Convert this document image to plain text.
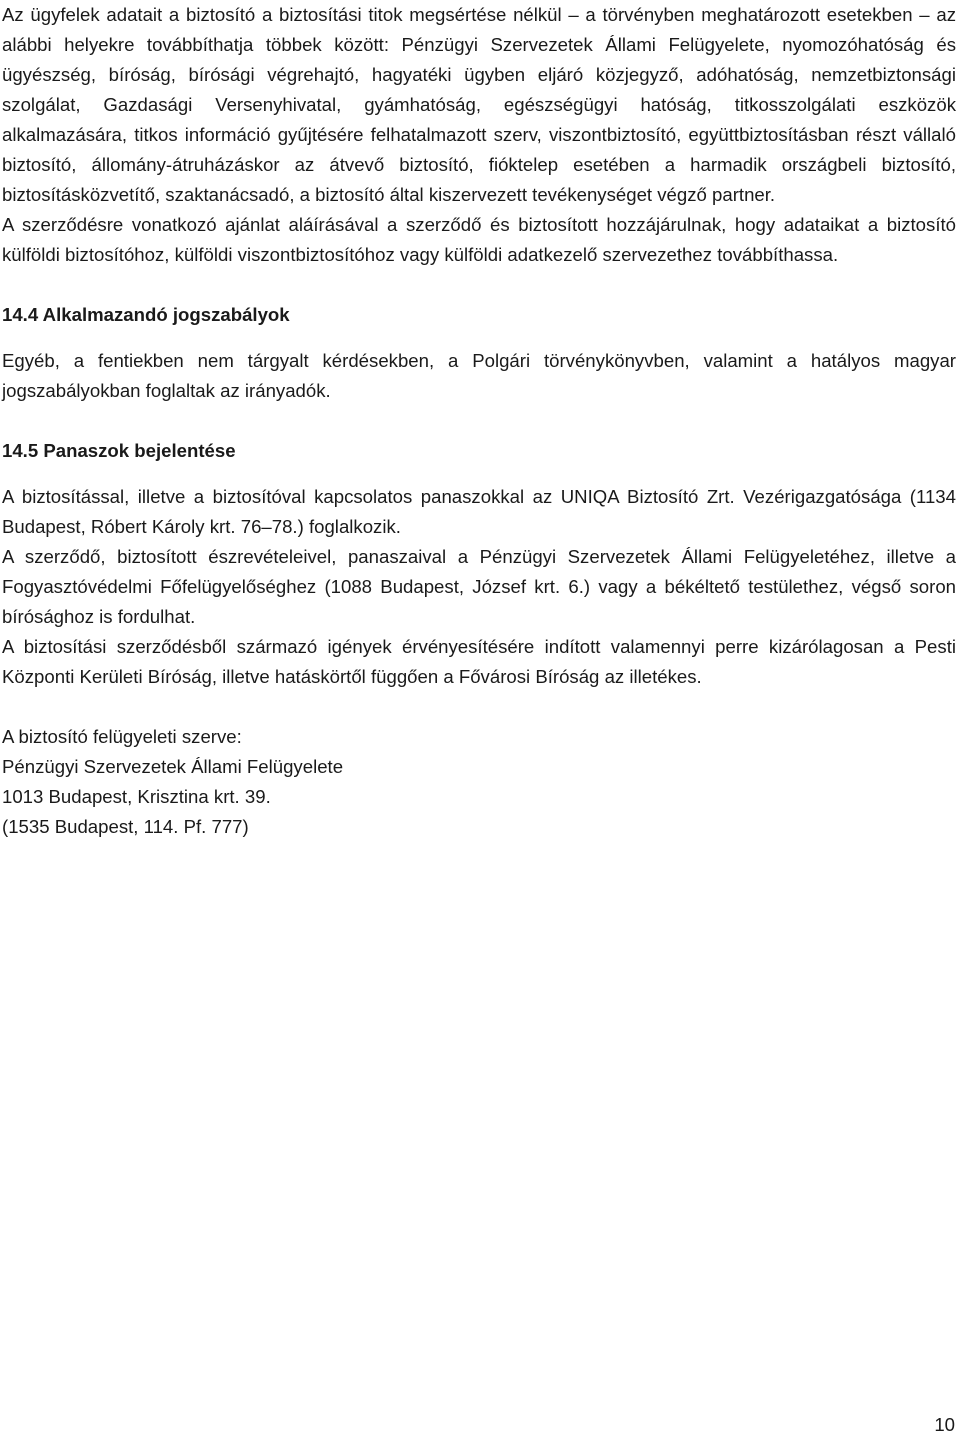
Az ügyfelek adatait a biztosító a biztosítási titok megsértése nélkül – a törvényben meghatározott esetekben – az alábbi helyekre továbbíthatja többek között: Pénzügyi Szervezetek Állami Felügyelete, nyomozóhatóság és ügyészség, bíróság, bírósági végrehajtó, hagyatéki ügyben eljáró közjegyző, adóhatóság, nemzetbiztonsági szolgálat, Gazdasági Versenyhivatal, gyámhatóság, egészségügyi hatóság, titkosszolgálati eszközök alkalmazására, titkos információ gyűjtésére felhatalmazott szerv, viszontbiztosító, együttbiztosításban részt vállaló biztosító, állomány-átruházáskor az átvevő biztosító, fióktelep esetében a harmadik országbeli biztosító, biztosításközvetítő, szaktanácsadó, a biztosító által kiszervezett tevékenységet végző partner.

A szerződésre vonatkozó ajánlat aláírásával a szerződő és biztosított hozzájárulnak, hogy adataikat a biztosító külföldi biztosítóhoz, külföldi viszontbiztosítóhoz vagy külföldi adatkezelő szervezethez továbbíthassa.

14.4 Alkalmazandó jogszabályok

Egyéb, a fentiekben nem tárgyalt kérdésekben, a Polgári törvénykönyvben, valamint a hatályos magyar jogszabályokban foglaltak az irányadók.

14.5 Panaszok bejelentése

A biztosítással, illetve a biztosítóval kapcsolatos panaszokkal az UNIQA Biztosító Zrt. Vezérigazgatósága (1134 Budapest, Róbert Károly krt. 76–78.) foglalkozik.

A szerződő, biztosított észrevételeivel, panaszaival a Pénzügyi Szervezetek Állami Felügyeletéhez, illetve a Fogyasztóvédelmi Főfelügyelőséghez (1088 Budapest, József krt. 6.) vagy a békéltető testülethez, végső soron bírósághoz is fordulhat.

A biztosítási szerződésből származó igények érvényesítésére indított valamennyi perre kizárólagosan a Pesti Központi Kerületi Bíróság, illetve hatáskörtől függően a Fővárosi Bíróság az illetékes.

A biztosító felügyeleti szerve:

Pénzügyi Szervezetek Állami Felügyelete

1013 Budapest, Krisztina krt. 39.

(1535 Budapest, 114. Pf. 777)

10
